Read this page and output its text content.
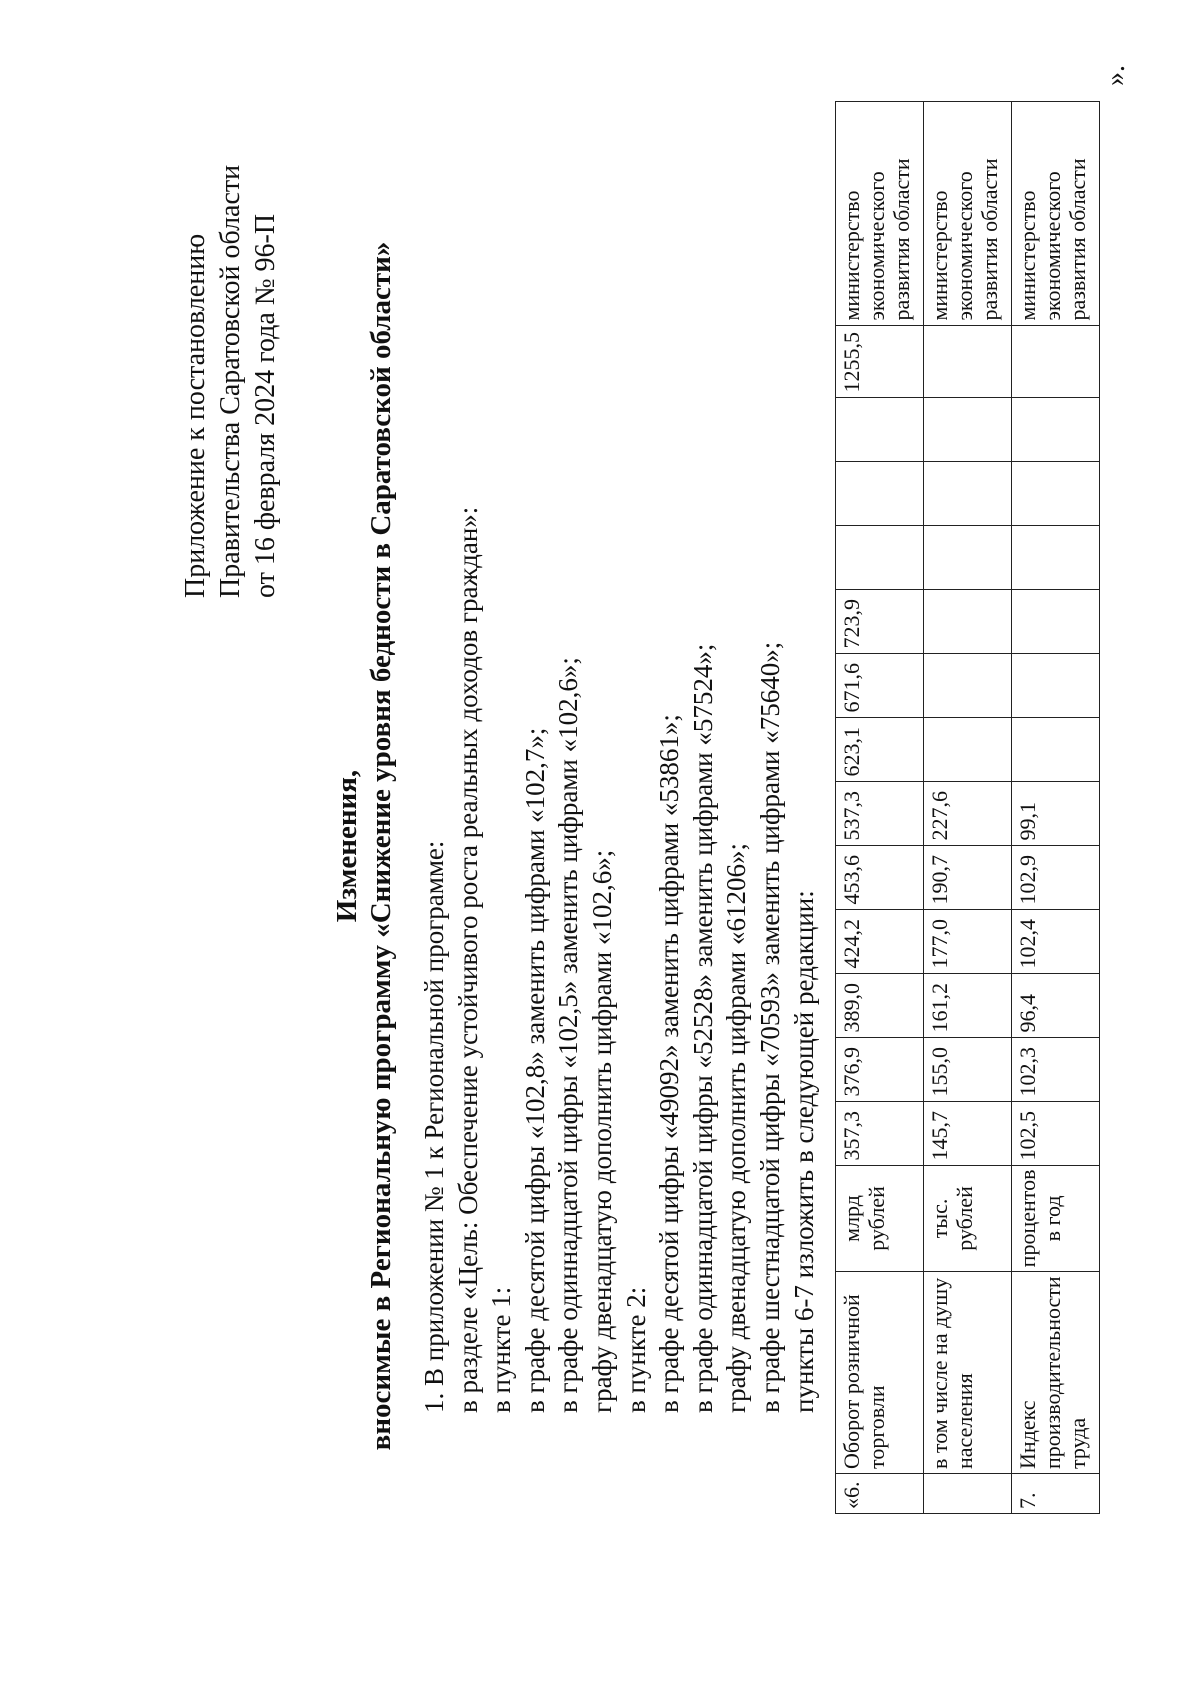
Приложение к постановлению Правительства Саратовской области от 16 февраля 2024 года № 96-П
Изменения, вносимые в Региональную программу «Снижение уровня бедности в Саратовской области» 1. В приложении № 1 к Региональной программе: в разделе «Цель: Обеспечение устойчивого роста реальных доходов граждан»: в пункте 1: в графе десятой цифры «102,8» заменить цифрами «102,7»; в графе одиннадцатой цифры «102,5» заменить цифрами «102,6»; графу двенадцатую дополнить цифрами «102,6»; в пункте 2: в графе десятой цифры «49092» заменить цифрами «53861»; в графе одиннадцатой цифры «52528» заменить цифрами «57524»; графу двенадцатую дополнить цифрами «61206»; в графе шестнадцатой цифры «70593» заменить цифрами «75640»; пункты 6-7 изложить в следующей редакции:
«6.	Оборот розничной торговли	млрд рублей	357,3	376,9	389,0	424,2	453,6	537,3	623,1	671,6	723,9				1255,5	министерство экономического развития области
	в том числе на душу населения	тыс. рублей	145,7	155,0	161,2	177,0	190,7	227,6								министерство экономического развития области
7.	Индекс производительности труда	процентов в год	102,5	102,3	96,4	102,4	102,9	99,1								министерство экономического развития области
».
